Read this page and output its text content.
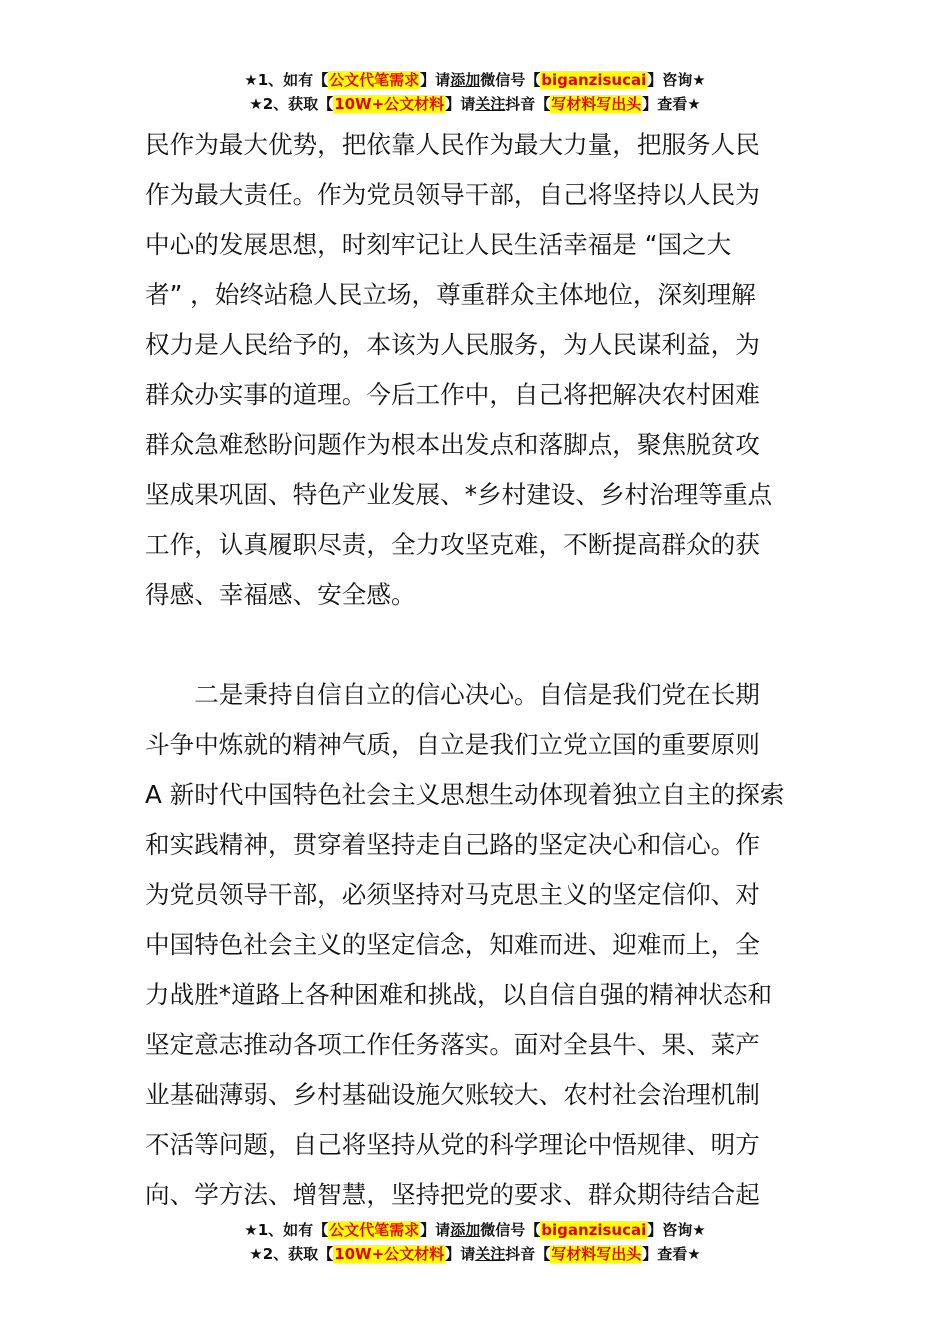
★1、如有【公文代笔需求】请添加微信号【biganzisucai】咨询★
★2、获取【10W+公文材料】请关注抖音【写材料写出头】查看★
民作为最大优势，把依靠人民作为最大力量，把服务人民
作为最大责任。作为党员领导干部，自己将坚持以人民为
中心的发展思想，时刻牢记让人民生活幸福是 “国之大
者” ，始终站稳人民立场，尊重群众主体地位，深刻理解
权力是人民给予的，本该为人民服务，为人民谋利益，为
群众办实事的道理。今后工作中，自己将把解决农村困难
群众急难愁盼问题作为根本出发点和落脚点，聚焦脱贫攻
坚成果巩固、特色产业发展、*乡村建设、乡村治理等重点
工作，认真履职尽责，全力攻坚克难，不断提高群众的获
得感、幸福感、安全感。
　　二是秉持自信自立的信心决心。自信是我们党在长期
斗争中炼就的精神气质，自立是我们立党立国的重要原则
A 新时代中国特色社会主义思想生动体现着独立自主的探索
和实践精神，贯穿着坚持走自己路的坚定决心和信心。作
为党员领导干部，必须坚持对马克思主义的坚定信仰、对
中国特色社会主义的坚定信念，知难而进、迎难而上，全
力战胜*道路上各种困难和挑战，以自信自强的精神状态和
坚定意志推动各项工作任务落实。面对全县牛、果、菜产
业基础薄弱、乡村基础设施欠账较大、农村社会治理机制
不活等问题，自己将坚持从党的科学理论中悟规律、明方
向、学方法、增智慧，坚持把党的要求、群众期待结合起
★1、如有【公文代笔需求】请添加微信号【biganzisucai】咨询★
★2、获取【10W+公文材料】请关注抖音【写材料写出头】查看★
